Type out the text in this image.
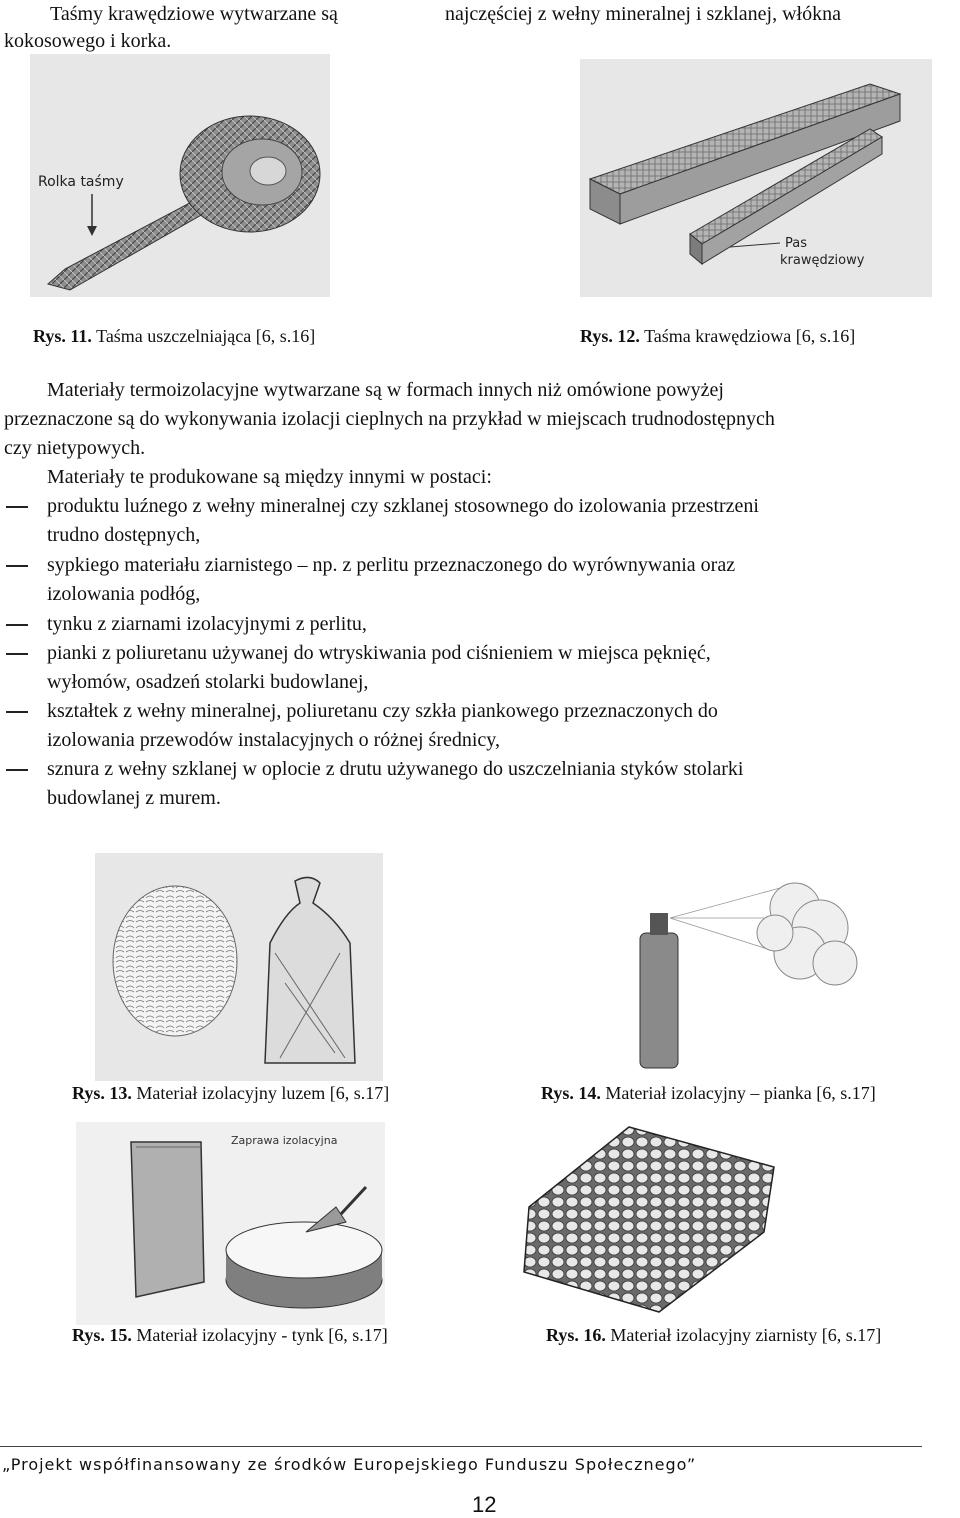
Taśmy krawędziowe wytwarzane są	najczęściej z wełny mineralnej i szklanej, włókna
kokosowego i korka.
Rolka taśmy
Rys. 11. Taśma uszczelniająca [6, s.16]
Pas
krawędziowy
Rys. 12. Taśma krawędziowa [6, s.16]
Materiały termoizolacyjne wytwarzane są w formach innych niż omówione powyżej
przeznaczone są do wykonywania izolacji cieplnych na przykład w miejscach trudnodostępnych
czy nietypowych.
Materiały te produkowane są między innymi w postaci:
produktu luźnego z wełny mineralnej czy szklanej stosownego do izolowania przestrzeni
trudno dostępnych,
sypkiego materiału ziarnistego – np. z perlitu przeznaczonego do wyrównywania oraz
izolowania podłóg,
tynku z ziarnami izolacyjnymi z perlitu,
pianki z poliuretanu używanej do wtryskiwania pod ciśnieniem w miejsca pęknięć,
wyłomów, osadzeń stolarki budowlanej,
kształtek z wełny mineralnej, poliuretanu czy szkła piankowego przeznaczonych do
izolowania przewodów instalacyjnych o różnej średnicy,
sznura z wełny szklanej w oplocie z drutu używanego do uszczelniania styków stolarki
budowlanej z murem.
Rys. 13. Materiał izolacyjny luzem [6, s.17]	Rys. 14. Materiał izolacyjny – pianka [6, s.17]
Zaprawa izolacyjna
Rys. 15. Materiał izolacyjny - tynk [6, s.17]	Rys. 16. Materiał izolacyjny ziarnisty [6, s.17]
„Projekt współfinansowany ze środków Europejskiego Funduszu Społecznego”
12
